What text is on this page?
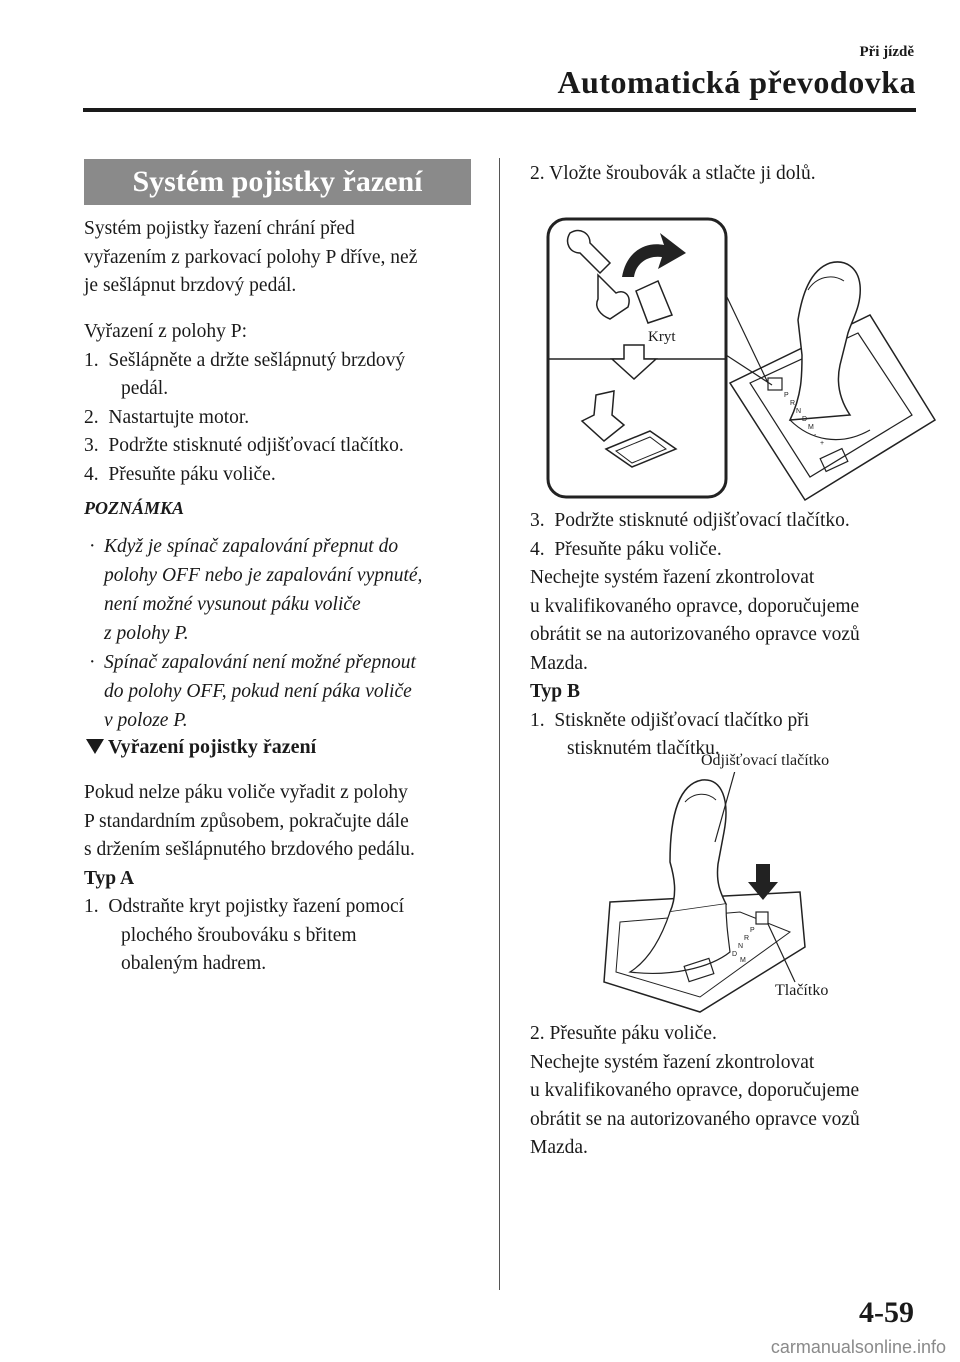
Při jízdě
Automatická převodovka
Systém pojistky řazení

Systém pojistky řazení chrání před

vyřazením z parkovací polohy P dříve, než

je sešlápnut brzdový pedál.

Vyřazení z polohy P:

1. Sešlápněte a držte sešlápnutý brzdový

pedál.

2. Nastartujte motor.

3. Podržte stisknuté odjišťovací tlačítko.

4. Přesuňte páku voliče.

POZNÁMKA
· Když je spínač zapalování přepnut do

polohy OFF nebo je zapalování vypnuté,

není možné vysunout páku voliče

z polohy P.

· Spínač zapalování není možné přepnout

do polohy OFF, pokud není páka voliče

v poloze P.

Vyřazení pojistky řazení

Pokud nelze páku voliče vyřadit z polohy

P standardním způsobem, pokračujte dále

s držením sešlápnutého brzdového pedálu.

Typ A

1. Odstraňte kryt pojistky řazení pomocí

plochého šroubováku s břitem

obaleným hadrem.

2. Vložte šroubovák a stlačte ji dolů.

P
R
N
D
M
-
+
Kryt

3. Podržte stisknuté odjišťovací tlačítko.

4. Přesuňte páku voliče.

Nechejte systém řazení zkontrolovat

u kvalifikovaného opravce, doporučujeme

obrátit se na autorizovaného opravce vozů

Mazda.

Typ B

1. Stiskněte odjišťovací tlačítko při

stisknutém tlačítku.

Odjišťovací tlačítko
Tlačítko
P
R
N
D
M

2. Přesuňte páku voliče.

Nechejte systém řazení zkontrolovat

u kvalifikovaného opravce, doporučujeme

obrátit se na autorizovaného opravce vozů

Mazda.

4-59
carmanualsonline.info
